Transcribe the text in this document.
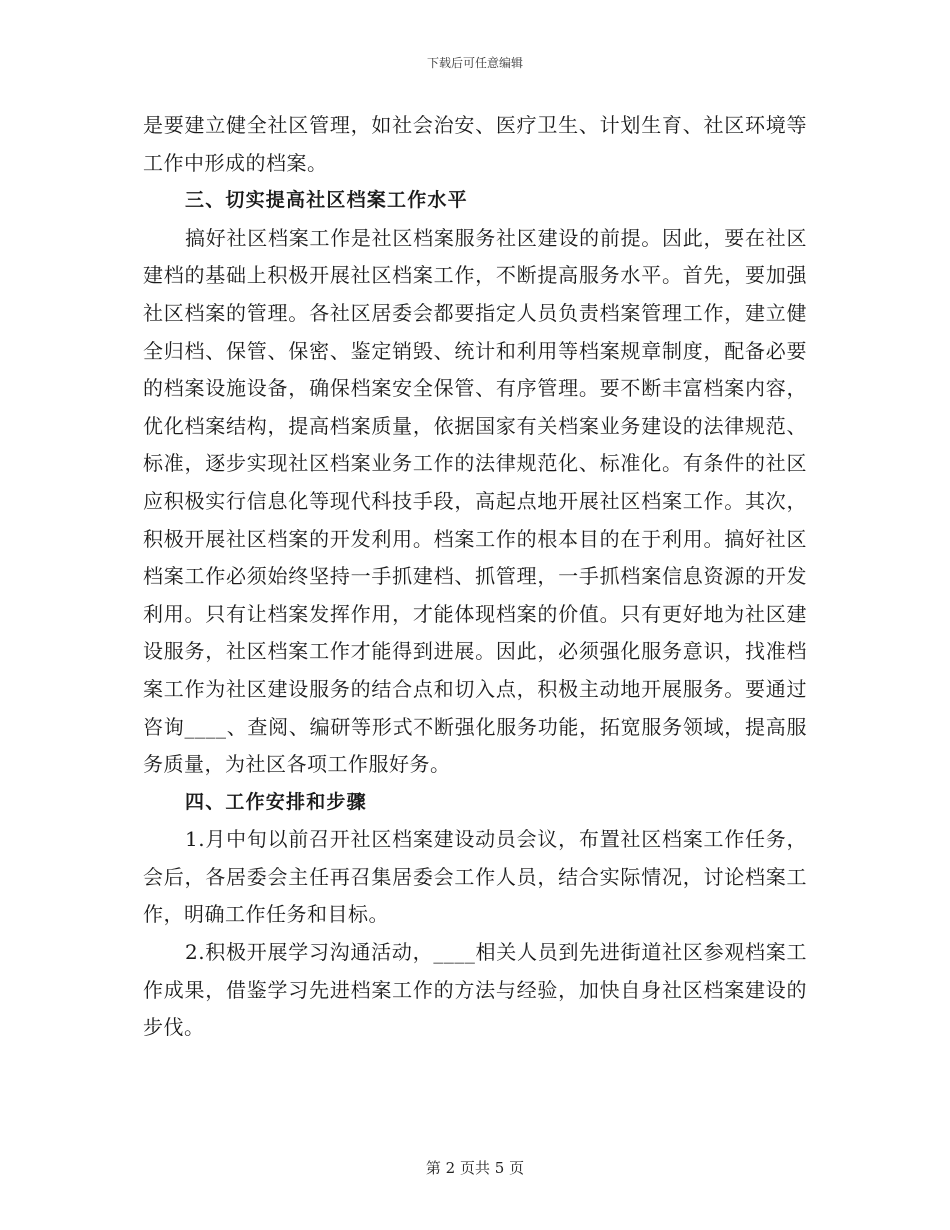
下载后可任意编辑

是要建立健全社区管理，如社会治安、医疗卫生、计划生育、社区环境等工作中形成的档案。

三、切实提高社区档案工作水平

搞好社区档案工作是社区档案服务社区建设的前提。因此，要在社区建档的基础上积极开展社区档案工作，不断提高服务水平。首先，要加强社区档案的管理。各社区居委会都要指定人员负责档案管理工作，建立健全归档、保管、保密、鉴定销毁、统计和利用等档案规章制度，配备必要的档案设施设备，确保档案安全保管、有序管理。要不断丰富档案内容，优化档案结构，提高档案质量，依据国家有关档案业务建设的法律规范、标准，逐步实现社区档案业务工作的法律规范化、标准化。有条件的社区应积极实行信息化等现代科技手段，高起点地开展社区档案工作。其次，积极开展社区档案的开发利用。档案工作的根本目的在于利用。搞好社区档案工作必须始终坚持一手抓建档、抓管理，一手抓档案信息资源的开发利用。只有让档案发挥作用，才能体现档案的价值。只有更好地为社区建设服务，社区档案工作才能得到进展。因此，必须强化服务意识，找准档案工作为社区建设服务的结合点和切入点，积极主动地开展服务。要通过咨询____、查阅、编研等形式不断强化服务功能，拓宽服务领域，提高服务质量，为社区各项工作服好务。

四、工作安排和步骤

1.月中旬以前召开社区档案建设动员会议，布置社区档案工作任务，会后，各居委会主任再召集居委会工作人员，结合实际情况，讨论档案工作，明确工作任务和目标。

2.积极开展学习沟通活动，____相关人员到先进街道社区参观档案工作成果，借鉴学习先进档案工作的方法与经验，加快自身社区档案建设的步伐。

第 2 页共 5 页
